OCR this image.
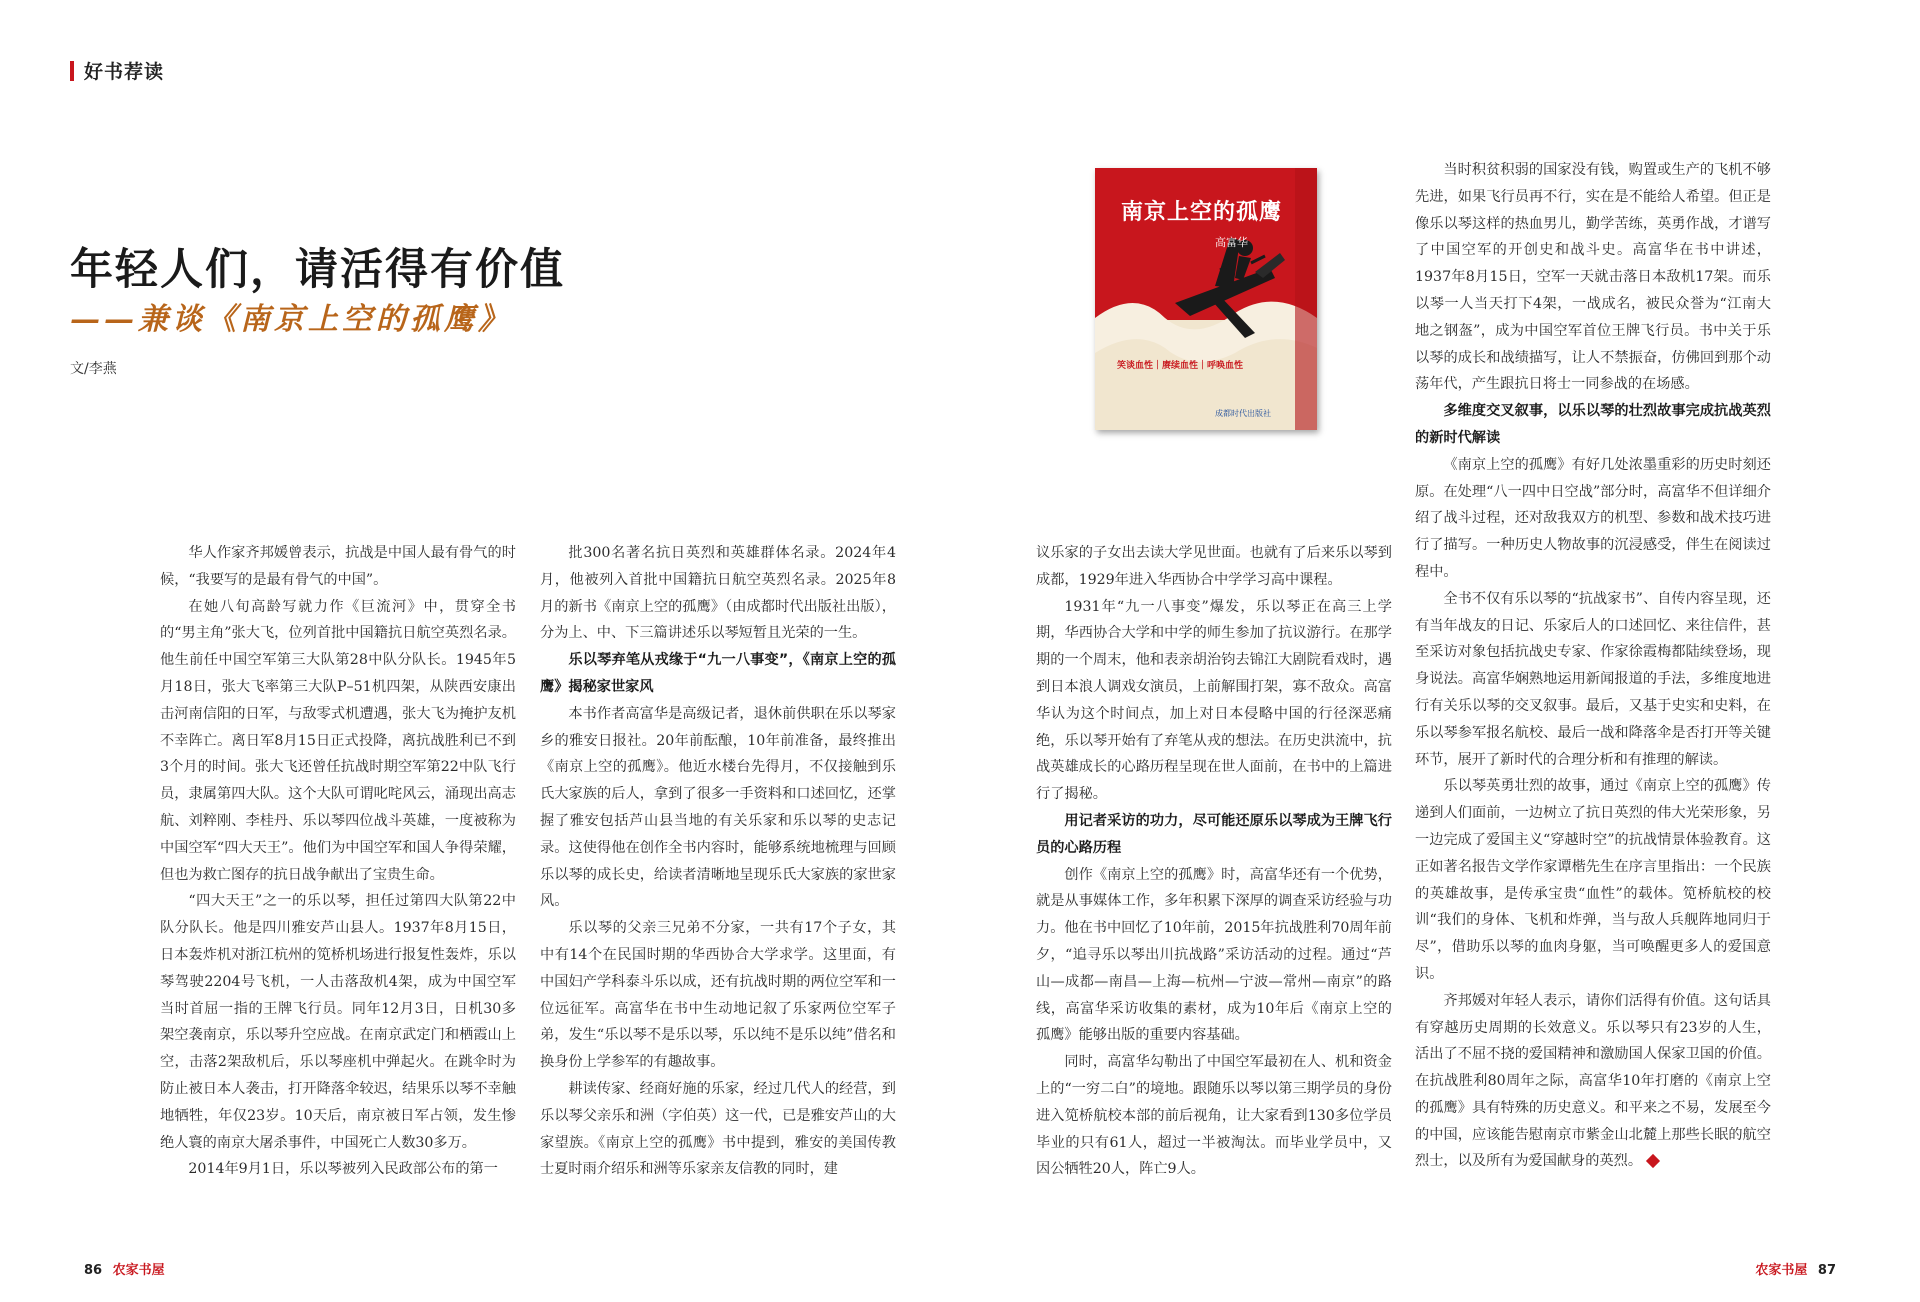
好书荐读
年轻人们，请活得有价值
——兼谈《南京上空的孤鹰》
文/李燕
南京上空的孤鹰
高富华
笑谈血性｜赓续血性｜呼唤血性
成都时代出版社

华人作家齐邦媛曾表示，抗战是中国人最有骨气的时候，“我要写的是最有骨气的中国”。

在她八旬高龄写就力作《巨流河》中，贯穿全书的“男主角”张大飞，位列首批中国籍抗日航空英烈名录。他生前任中国空军第三大队第28中队分队长。1945年5月18日，张大飞率第三大队P–51机四架，从陕西安康出击河南信阳的日军，与敌零式机遭遇，张大飞为掩护友机不幸阵亡。离日军8月15日正式投降，离抗战胜利已不到3个月的时间。张大飞还曾任抗战时期空军第22中队飞行员，隶属第四大队。这个大队可谓叱咤风云，涌现出高志航、刘粹刚、李桂丹、乐以琴四位战斗英雄，一度被称为中国空军“四大天王”。他们为中国空军和国人争得荣耀，但也为救亡图存的抗日战争献出了宝贵生命。

“四大天王”之一的乐以琴，担任过第四大队第22中队分队长。他是四川雅安芦山县人。1937年8月15日，日本轰炸机对浙江杭州的笕桥机场进行报复性轰炸，乐以琴驾驶2204号飞机，一人击落敌机4架，成为中国空军当时首屈一指的王牌飞行员。同年12月3日，日机30多架空袭南京，乐以琴升空应战。在南京武定门和栖霞山上空，击落2架敌机后，乐以琴座机中弹起火。在跳伞时为防止被日本人袭击，打开降落伞较迟，结果乐以琴不幸触地牺牲，年仅23岁。10天后，南京被日军占领，发生惨绝人寰的南京大屠杀事件，中国死亡人数30多万。

2014年9月1日，乐以琴被列入民政部公布的第一

批300名著名抗日英烈和英雄群体名录。2024年4月，他被列入首批中国籍抗日航空英烈名录。2025年8月的新书《南京上空的孤鹰》（由成都时代出版社出版），分为上、中、下三篇讲述乐以琴短暂且光荣的一生。

乐以琴弃笔从戎缘于“九一八事变”，《南京上空的孤鹰》揭秘家世家风

本书作者高富华是高级记者，退休前供职在乐以琴家乡的雅安日报社。20年前酝酿，10年前准备，最终推出《南京上空的孤鹰》。他近水楼台先得月，不仅接触到乐氏大家族的后人，拿到了很多一手资料和口述回忆，还掌握了雅安包括芦山县当地的有关乐家和乐以琴的史志记录。这使得他在创作全书内容时，能够系统地梳理与回顾乐以琴的成长史，给读者清晰地呈现乐氏大家族的家世家风。

乐以琴的父亲三兄弟不分家，一共有17个子女，其中有14个在民国时期的华西协合大学求学。这里面，有中国妇产学科泰斗乐以成，还有抗战时期的两位空军和一位远征军。高富华在书中生动地记叙了乐家两位空军子弟，发生“乐以琴不是乐以琴，乐以纯不是乐以纯”借名和换身份上学参军的有趣故事。

耕读传家、经商好施的乐家，经过几代人的经营，到乐以琴父亲乐和洲（字伯英）这一代，已是雅安芦山的大家望族。《南京上空的孤鹰》书中提到，雅安的美国传教士夏时雨介绍乐和洲等乐家亲友信教的同时，建

议乐家的子女出去读大学见世面。也就有了后来乐以琴到成都，1929年进入华西协合中学学习高中课程。

1931年“九一八事变”爆发，乐以琴正在高三上学期，华西协合大学和中学的师生参加了抗议游行。在那学期的一个周末，他和表亲胡治钧去锦江大剧院看戏时，遇到日本浪人调戏女演员，上前解围打架，寡不敌众。高富华认为这个时间点，加上对日本侵略中国的行径深恶痛绝，乐以琴开始有了弃笔从戎的想法。在历史洪流中，抗战英雄成长的心路历程呈现在世人面前，在书中的上篇进行了揭秘。

用记者采访的功力，尽可能还原乐以琴成为王牌飞行员的心路历程

创作《南京上空的孤鹰》时，高富华还有一个优势，就是从事媒体工作，多年积累下深厚的调查采访经验与功力。他在书中回忆了10年前，2015年抗战胜利70周年前夕，“追寻乐以琴出川抗战路”采访活动的过程。通过“芦山—成都—南昌—上海—杭州—宁波—常州—南京”的路线，高富华采访收集的素材，成为10年后《南京上空的孤鹰》能够出版的重要内容基础。

同时，高富华勾勒出了中国空军最初在人、机和资金上的“一穷二白”的境地。跟随乐以琴以第三期学员的身份进入笕桥航校本部的前后视角，让大家看到130多位学员毕业的只有61人，超过一半被淘汰。而毕业学员中，又因公牺牲20人，阵亡9人。

当时积贫积弱的国家没有钱，购置或生产的飞机不够先进，如果飞行员再不行，实在是不能给人希望。但正是像乐以琴这样的热血男儿，勤学苦练，英勇作战，才谱写了中国空军的开创史和战斗史。高富华在书中讲述，1937年8月15日，空军一天就击落日本敌机17架。而乐以琴一人当天打下4架，一战成名，被民众誉为“江南大地之钢盔”，成为中国空军首位王牌飞行员。书中关于乐以琴的成长和战绩描写，让人不禁振奋，仿佛回到那个动荡年代，产生跟抗日将士一同参战的在场感。

多维度交叉叙事，以乐以琴的壮烈故事完成抗战英烈的新时代解读

《南京上空的孤鹰》有好几处浓墨重彩的历史时刻还原。在处理“八一四中日空战”部分时，高富华不但详细介绍了战斗过程，还对敌我双方的机型、参数和战术技巧进行了描写。一种历史人物故事的沉浸感受，伴生在阅读过程中。

全书不仅有乐以琴的“抗战家书”、自传内容呈现，还有当年战友的日记、乐家后人的口述回忆、来往信件，甚至采访对象包括抗战史专家、作家徐霞梅都陆续登场，现身说法。高富华娴熟地运用新闻报道的手法，多维度地进行有关乐以琴的交叉叙事。最后，又基于史实和史料，在乐以琴参军报名航校、最后一战和降落伞是否打开等关键环节，展开了新时代的合理分析和有推理的解读。

乐以琴英勇壮烈的故事，通过《南京上空的孤鹰》传递到人们面前，一边树立了抗日英烈的伟大光荣形象，另一边完成了爱国主义“穿越时空”的抗战情景体验教育。这正如著名报告文学作家谭楷先生在序言里指出：一个民族的英雄故事，是传承宝贵“血性”的载体。笕桥航校的校训“我们的身体、飞机和炸弹，当与敌人兵舰阵地同归于尽”，借助乐以琴的血肉身躯，当可唤醒更多人的爱国意识。

齐邦媛对年轻人表示，请你们活得有价值。这句话具有穿越历史周期的长效意义。乐以琴只有23岁的人生，活出了不屈不挠的爱国精神和激励国人保家卫国的价值。在抗战胜利80周年之际，高富华10年打磨的《南京上空的孤鹰》具有特殊的历史意义。和平来之不易，发展至今的中国，应该能告慰南京市紫金山北麓上那些长眠的航空烈士，以及所有为爱国献身的英烈。

86 农家书屋	农家书屋 87
